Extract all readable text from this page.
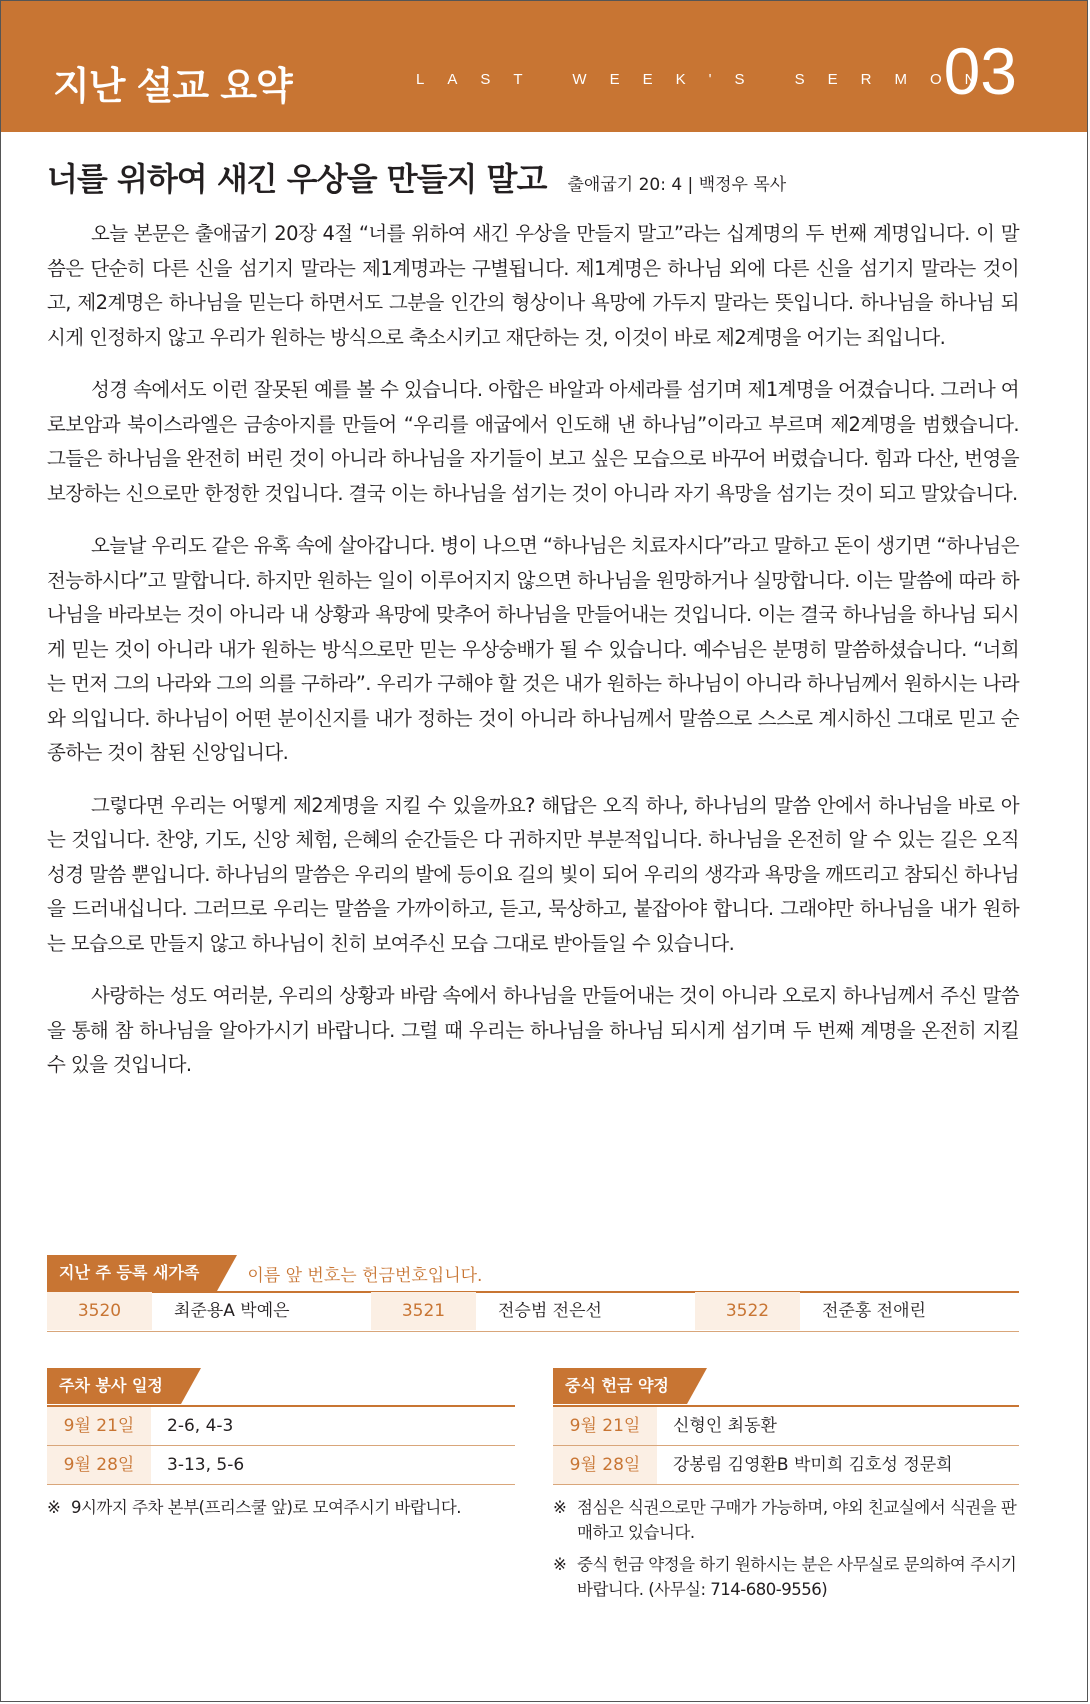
지난 설교 요약	LAST WEEK'S SERMON
03
너를 위하여 새긴 우상을 만들지 말고 출애굽기 20: 4 | 백정우 목사

오늘 본문은 출애굽기 20장 4절 “너를 위하여 새긴 우상을 만들지 말고”라는 십계명의 두 번째 계명입니다. 이 말씀은 단순히 다른 신을 섬기지 말라는 제1계명과는 구별됩니다. 제1계명은 하나님 외에 다른 신을 섬기지 말라는 것이고, 제2계명은 하나님을 믿는다 하면서도 그분을 인간의 형상이나 욕망에 가두지 말라는 뜻입니다. 하나님을 하나님 되시게 인정하지 않고 우리가 원하는 방식으로 축소시키고 재단하는 것, 이것이 바로 제2계명을 어기는 죄입니다.

성경 속에서도 이런 잘못된 예를 볼 수 있습니다. 아합은 바알과 아세라를 섬기며 제1계명을 어겼습니다. 그러나 여로보암과 북이스라엘은 금송아지를 만들어 “우리를 애굽에서 인도해 낸 하나님”이라고 부르며 제2계명을 범했습니다. 그들은 하나님을 완전히 버린 것이 아니라 하나님을 자기들이 보고 싶은 모습으로 바꾸어 버렸습니다. 힘과 다산, 번영을 보장하는 신으로만 한정한 것입니다. 결국 이는 하나님을 섬기는 것이 아니라 자기 욕망을 섬기는 것이 되고 말았습니다.

오늘날 우리도 같은 유혹 속에 살아갑니다. 병이 나으면 “하나님은 치료자시다”라고 말하고 돈이 생기면 “하나님은 전능하시다”고 말합니다. 하지만 원하는 일이 이루어지지 않으면 하나님을 원망하거나 실망합니다. 이는 말씀에 따라 하나님을 바라보는 것이 아니라 내 상황과 욕망에 맞추어 하나님을 만들어내는 것입니다. 이는 결국 하나님을 하나님 되시게 믿는 것이 아니라 내가 원하는 방식으로만 믿는 우상숭배가 될 수 있습니다. 예수님은 분명히 말씀하셨습니다. “너희는 먼저 그의 나라와 그의 의를 구하라”. 우리가 구해야 할 것은 내가 원하는 하나님이 아니라 하나님께서 원하시는 나라와 의입니다. 하나님이 어떤 분이신지를 내가 정하는 것이 아니라 하나님께서 말씀으로 스스로 계시하신 그대로 믿고 순종하는 것이 참된 신앙입니다.

그렇다면 우리는 어떻게 제2계명을 지킬 수 있을까요? 해답은 오직 하나, 하나님의 말씀 안에서 하나님을 바로 아는 것입니다. 찬양, 기도, 신앙 체험, 은혜의 순간들은 다 귀하지만 부분적입니다. 하나님을 온전히 알 수 있는 길은 오직 성경 말씀 뿐입니다. 하나님의 말씀은 우리의 발에 등이요 길의 빛이 되어 우리의 생각과 욕망을 깨뜨리고 참되신 하나님을 드러내십니다. 그러므로 우리는 말씀을 가까이하고, 듣고, 묵상하고, 붙잡아야 합니다. 그래야만 하나님을 내가 원하는 모습으로 만들지 않고 하나님이 친히 보여주신 모습 그대로 받아들일 수 있습니다.

사랑하는 성도 여러분, 우리의 상황과 바람 속에서 하나님을 만들어내는 것이 아니라 오로지 하나님께서 주신 말씀을 통해 참 하나님을 알아가시기 바랍니다. 그럴 때 우리는 하나님을 하나님 되시게 섬기며 두 번째 계명을 온전히 지킬 수 있을 것입니다.

지난 주 등록 새가족	이름 앞 번호는 헌금번호입니다.
3520	최준용A 박예은	3521	전승범 전은선	3522	전준홍 전애린
주차 봉사 일정
9월 21일	2-6, 4-3
9월 28일	3-13, 5-6
※ 9시까지 주차 본부(프리스쿨 앞)로 모여주시기 바랍니다.
중식 헌금 약정
9월 21일	신형인 최동환
9월 28일	강봉림 김영환B 박미희 김호성 정문희
※ 점심은 식권으로만 구매가 가능하며, 야외 친교실에서 식권을 판매하고 있습니다.
※ 중식 헌금 약정을 하기 원하시는 분은 사무실로 문의하여 주시기 바랍니다. (사무실: 714-680-9556)
